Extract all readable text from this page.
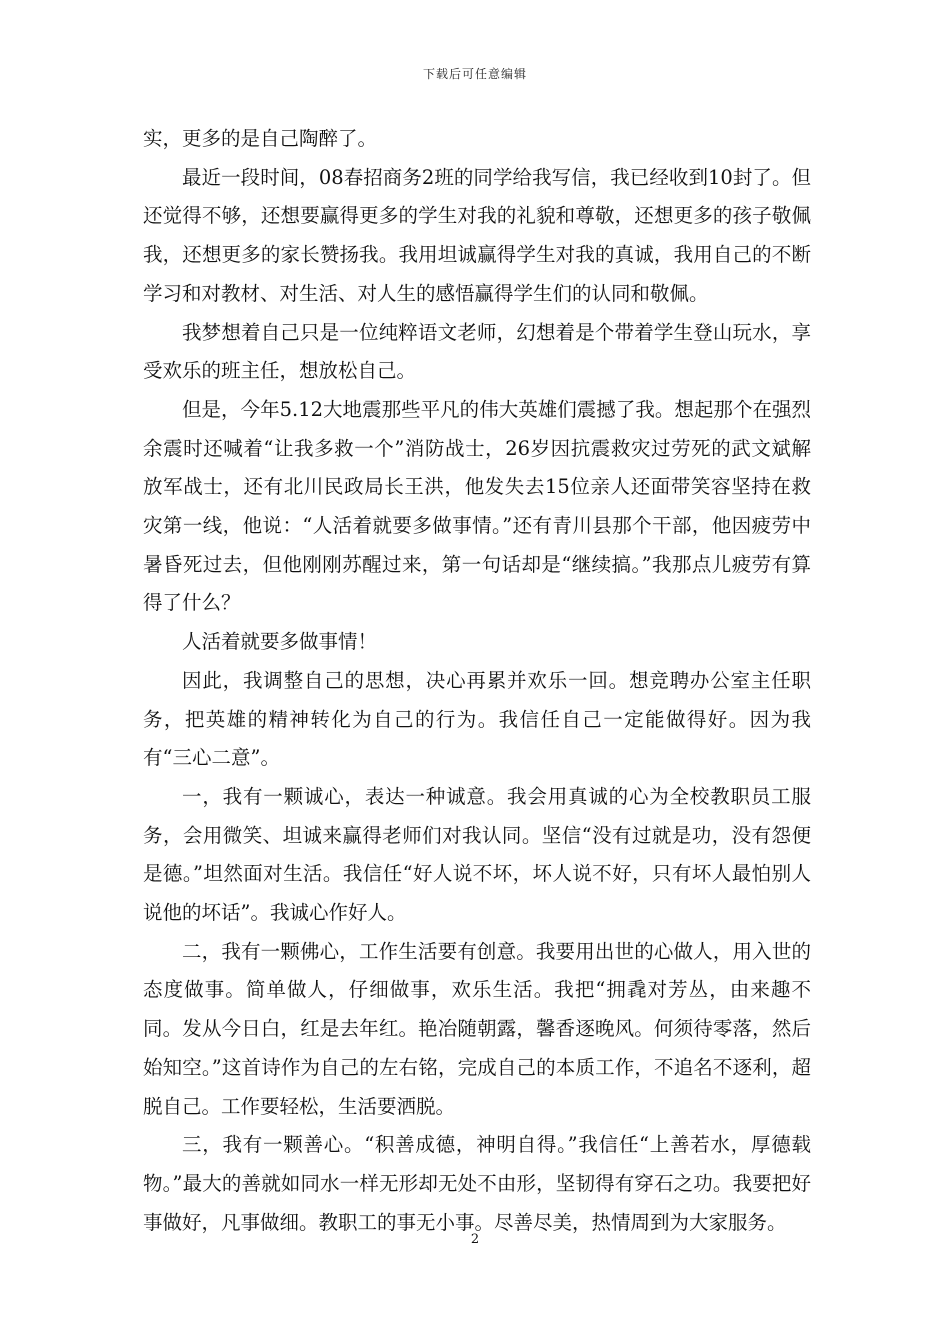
下载后可任意编辑

实，更多的是自己陶醉了。

最近一段时间，08春招商务2班的同学给我写信，我已经收到10封了。但还觉得不够，还想要赢得更多的学生对我的礼貌和尊敬，还想更多的孩子敬佩我，还想更多的家长赞扬我。我用坦诚赢得学生对我的真诚，我用自己的不断学习和对教材、对生活、对人生的感悟赢得学生们的认同和敬佩。

我梦想着自己只是一位纯粹语文老师，幻想着是个带着学生登山玩水，享受欢乐的班主任，想放松自己。

但是，今年5.12大地震那些平凡的伟大英雄们震撼了我。想起那个在强烈余震时还喊着“让我多救一个”消防战士，26岁因抗震救灾过劳死的武文斌解放军战士，还有北川民政局长王洪，他发失去15位亲人还面带笑容坚持在救灾第一线，他说：“人活着就要多做事情。”还有青川县那个干部，他因疲劳中暑昏死过去，但他刚刚苏醒过来，第一句话却是“继续搞。”我那点儿疲劳有算得了什么？

人活着就要多做事情！

因此，我调整自己的思想，决心再累并欢乐一回。想竞聘办公室主任职务，把英雄的精神转化为自己的行为。我信任自己一定能做得好。因为我有“三心二意”。

一，我有一颗诚心，表达一种诚意。我会用真诚的心为全校教职员工服务，会用微笑、坦诚来赢得老师们对我认同。坚信“没有过就是功，没有怨便是德。”坦然面对生活。我信任“好人说不坏，坏人说不好，只有坏人最怕别人说他的坏话”。我诚心作好人。

二，我有一颗佛心，工作生活要有创意。我要用出世的心做人，用入世的态度做事。简单做人，仔细做事，欢乐生活。我把“拥毳对芳丛，由来趣不同。发从今日白，红是去年红。艳冶随朝露，馨香逐晚风。何须待零落，然后始知空。”这首诗作为自己的左右铭，完成自己的本质工作，不追名不逐利，超脱自己。工作要轻松，生活要洒脱。

三，我有一颗善心。“积善成德，神明自得。”我信任“上善若水，厚德载物。”最大的善就如同水一样无形却无处不由形，坚韧得有穿石之功。我要把好事做好，凡事做细。教职工的事无小事。尽善尽美，热情周到为大家服务。

2
